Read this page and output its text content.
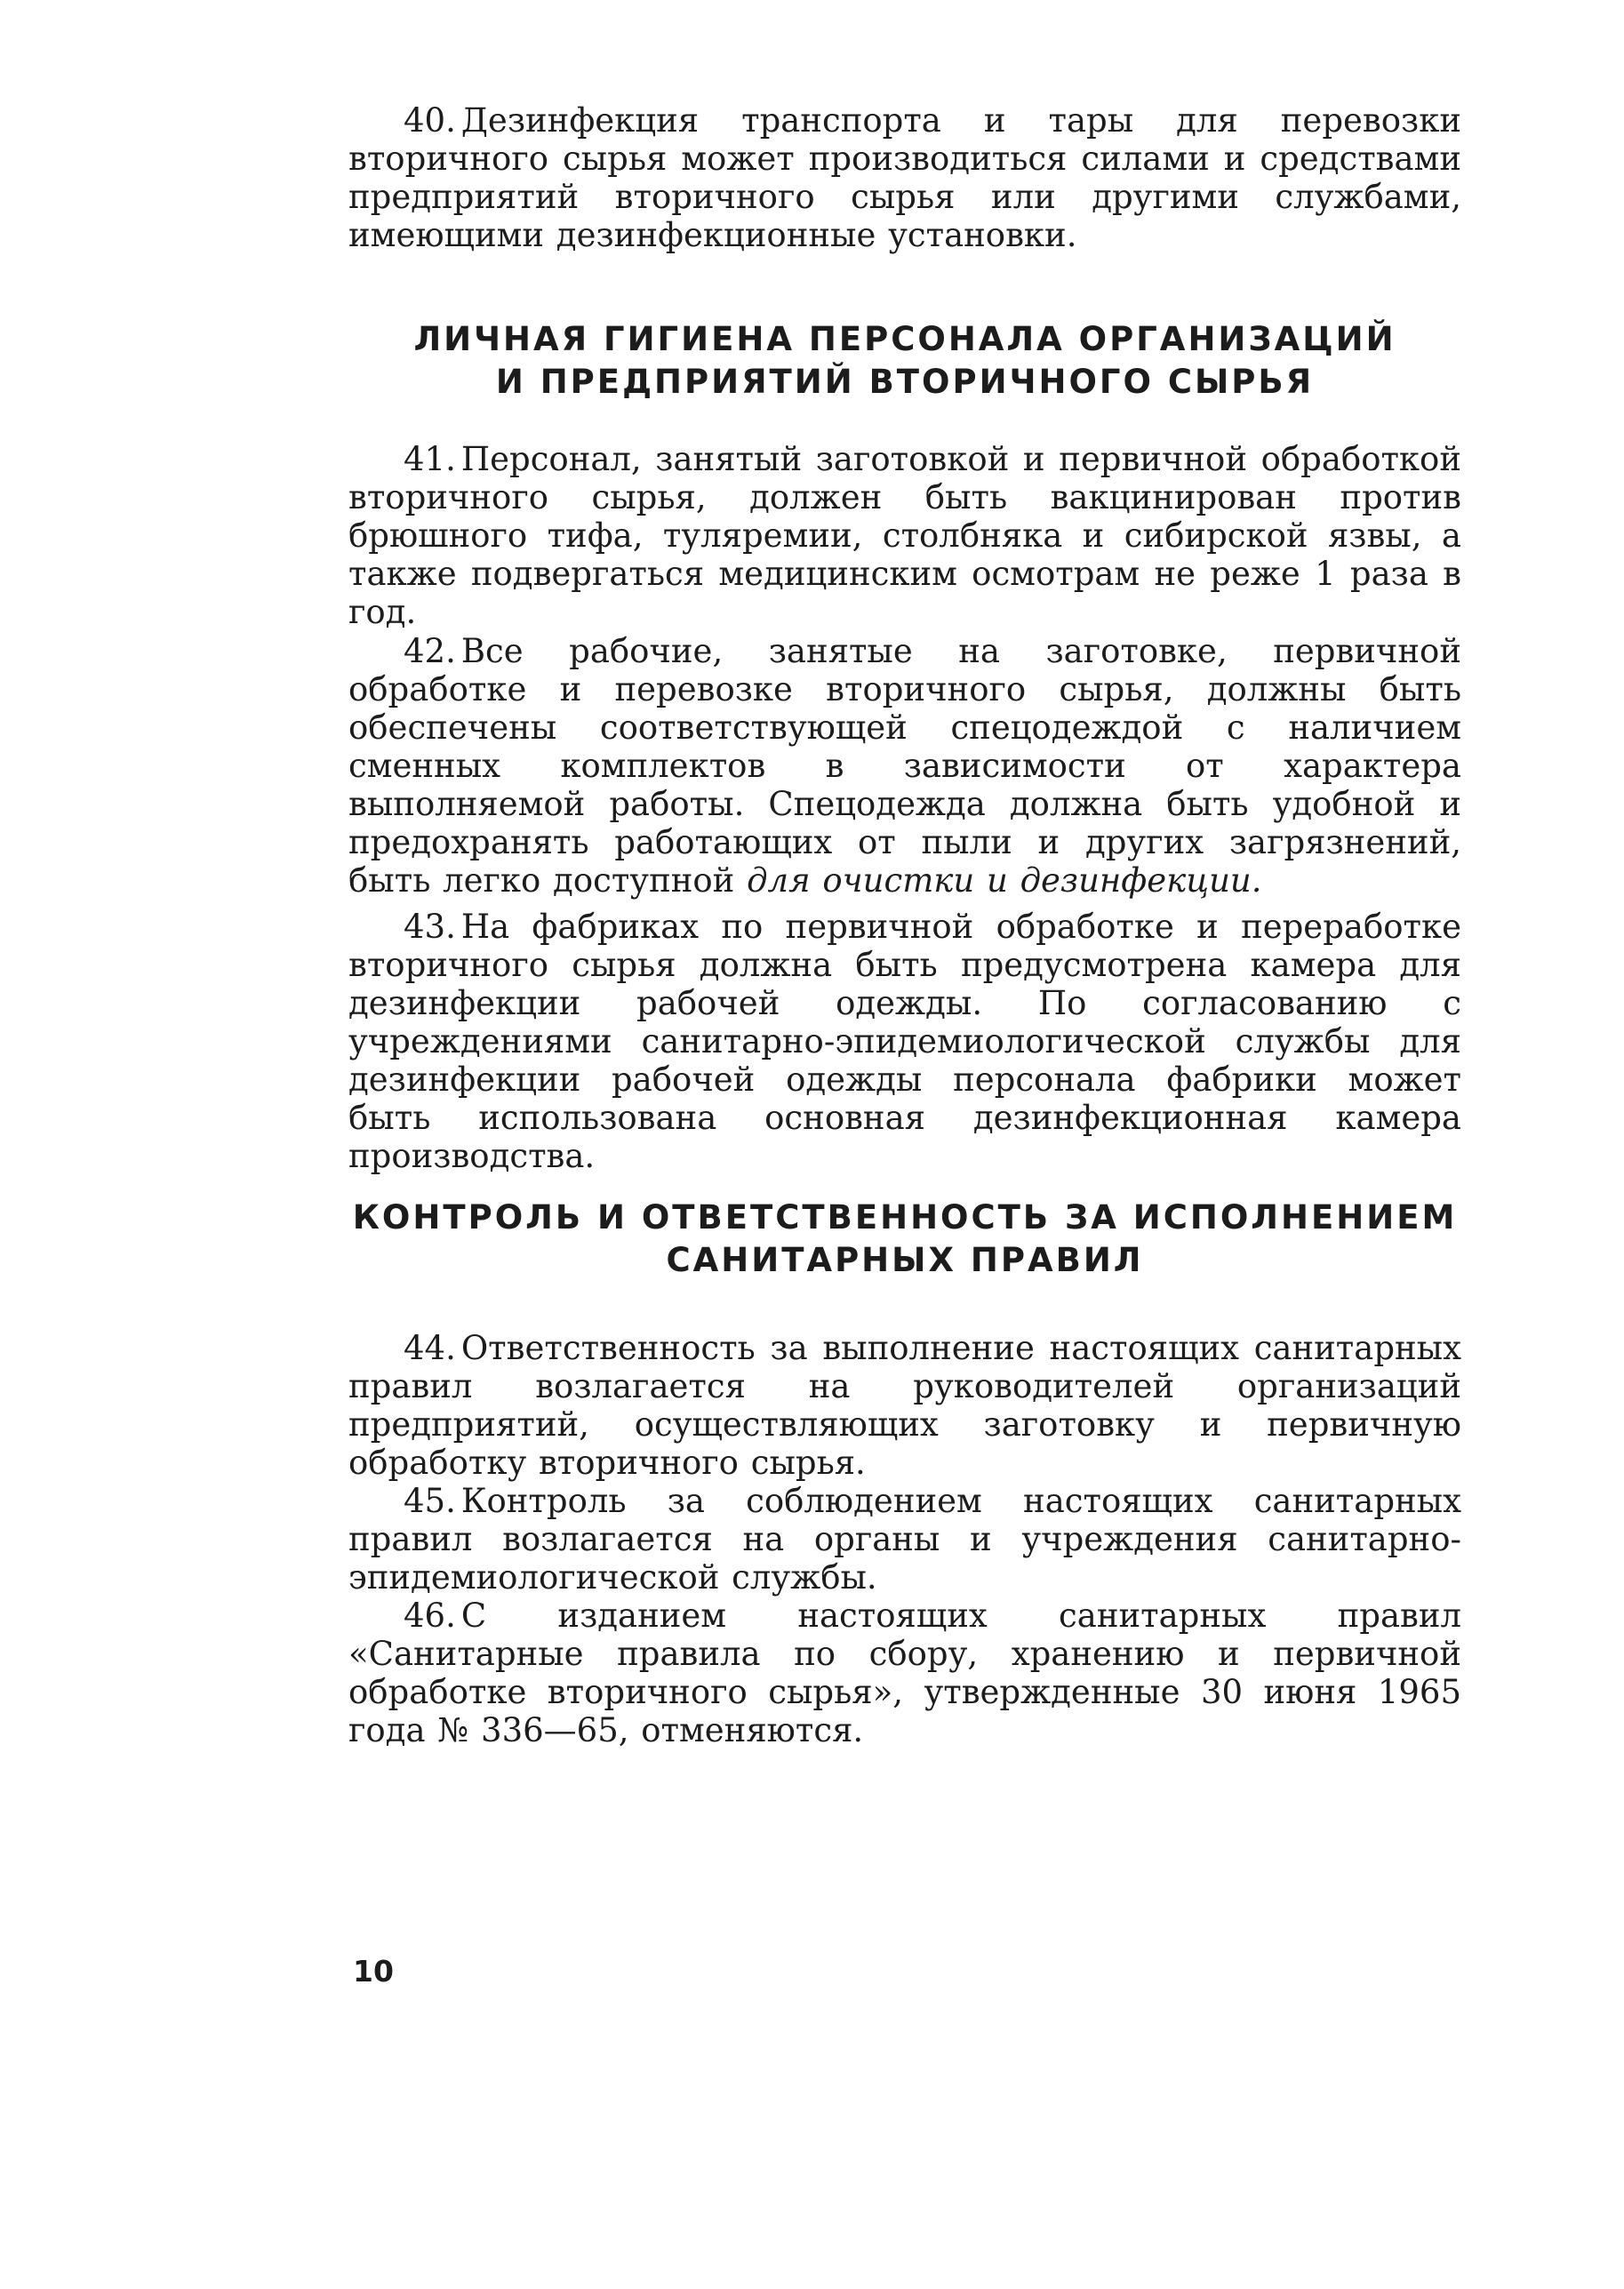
40. Дезинфекция транспорта и тары для перевозки вторичного сырья может производиться силами и средствами предприятий вторичного сырья или другими службами, имеющими дезинфекционные установки.

ЛИЧНАЯ ГИГИЕНА ПЕРСОНАЛА ОРГАНИЗАЦИЙ
И ПРЕДПРИЯТИЙ ВТОРИЧНОГО СЫРЬЯ

41. Персонал, занятый заготовкой и первичной обработкой вторичного сырья, должен быть вакцинирован против брюшного тифа, туляремии, столбняка и сибирской язвы, а также подвергаться медицинским осмотрам не реже 1 раза в год.

42. Все рабочие, занятые на заготовке, первичной обработке и перевозке вторичного сырья, должны быть обеспечены соответствующей спецодеждой с наличием сменных комплектов в зависимости от характера выполняемой работы. Спецодежда должна быть удобной и предохранять работающих от пыли и других загрязнений, быть легко доступной для очистки и дезинфекции.

43. На фабриках по первичной обработке и переработке вторичного сырья должна быть предусмотрена камера для дезинфекции рабочей одежды. По согласованию с учреждениями санитарно-эпидемиологической службы для дезинфекции рабочей одежды персонала фабрики может быть использована основная дезинфекционная камера производства.

КОНТРОЛЬ И ОТВЕТСТВЕННОСТЬ ЗА ИСПОЛНЕНИЕМ
САНИТАРНЫХ ПРАВИЛ

44. Ответственность за выполнение настоящих санитарных правил возлагается на руководителей организаций предприятий, осуществляющих заготовку и первичную обработку вторичного сырья.

45. Контроль за соблюдением настоящих санитарных правил возлагается на органы и учреждения санитарно-эпидемиологической службы.

46. С изданием настоящих санитарных правил «Санитарные правила по сбору, хранению и первичной обработке вторичного сырья», утвержденные 30 июня 1965 года № 336—65, отменяются.

10
